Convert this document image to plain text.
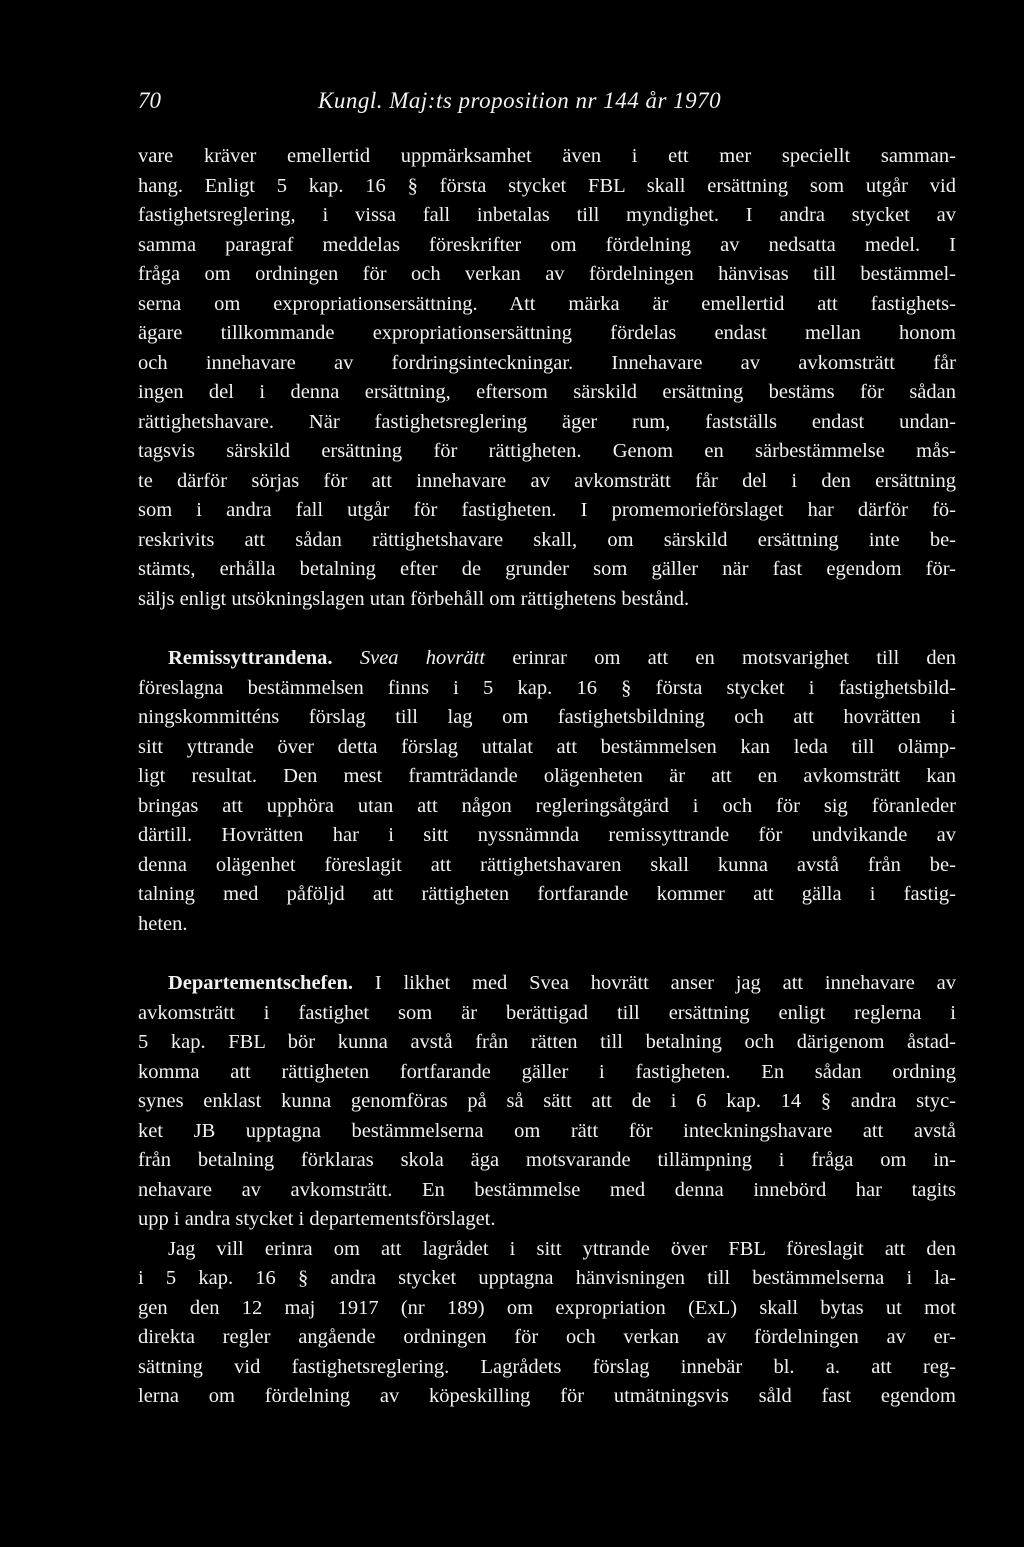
70	Kungl. Maj:ts proposition nr 144 år 1970

vare kräver emellertid uppmärksamhet även i ett mer speciellt samman-
hang. Enligt 5 kap. 16 § första stycket FBL skall ersättning som utgår vid
fastighetsreglering, i vissa fall inbetalas till myndighet. I andra stycket av
samma paragraf meddelas föreskrifter om fördelning av nedsatta medel. I
fråga om ordningen för och verkan av fördelningen hänvisas till bestämmel-
serna om expropriationsersättning. Att märka är emellertid att fastighets-
ägare tillkommande expropriationsersättning fördelas endast mellan honom
och innehavare av fordringsinteckningar. Innehavare av avkomsträtt får
ingen del i denna ersättning, eftersom särskild ersättning bestäms för sådan
rättighetshavare. När fastighetsreglering äger rum, fastställs endast undan-
tagsvis särskild ersättning för rättigheten. Genom en särbestämmelse mås-
te därför sörjas för att innehavare av avkomsträtt får del i den ersättning
som i andra fall utgår för fastigheten. I promemorieförslaget har därför fö-
reskrivits att sådan rättighetshavare skall, om särskild ersättning inte be-
stämts, erhålla betalning efter de grunder som gäller när fast egendom för-
säljs enligt utsökningslagen utan förbehåll om rättighetens bestånd.

Remissyttrandena. Svea hovrätt erinrar om att en motsvarighet till den
föreslagna bestämmelsen finns i 5 kap. 16 § första stycket i fastighetsbild-
ningskommitténs förslag till lag om fastighetsbildning och att hovrätten i
sitt yttrande över detta förslag uttalat att bestämmelsen kan leda till olämp-
ligt resultat. Den mest framträdande olägenheten är att en avkomsträtt kan
bringas att upphöra utan att någon regleringsåtgärd i och för sig föranleder
därtill. Hovrätten har i sitt nyssnämnda remissyttrande för undvikande av
denna olägenhet föreslagit att rättighetshavaren skall kunna avstå från be-
talning med påföljd att rättigheten fortfarande kommer att gälla i fastig-
heten.

Departementschefen. I likhet med Svea hovrätt anser jag att innehavare av
avkomsträtt i fastighet som är berättigad till ersättning enligt reglerna i
5 kap. FBL bör kunna avstå från rätten till betalning och därigenom åstad-
komma att rättigheten fortfarande gäller i fastigheten. En sådan ordning
synes enklast kunna genomföras på så sätt att de i 6 kap. 14 § andra styc-
ket JB upptagna bestämmelserna om rätt för inteckningshavare att avstå
från betalning förklaras skola äga motsvarande tillämpning i fråga om in-
nehavare av avkomsträtt. En bestämmelse med denna innebörd har tagits
upp i andra stycket i departementsförslaget.

Jag vill erinra om att lagrådet i sitt yttrande över FBL föreslagit att den
i 5 kap. 16 § andra stycket upptagna hänvisningen till bestämmelserna i la-
gen den 12 maj 1917 (nr 189) om expropriation (ExL) skall bytas ut mot
direkta regler angående ordningen för och verkan av fördelningen av er-
sättning vid fastighetsreglering. Lagrådets förslag innebär bl. a. att reg-
lerna om fördelning av köpeskilling för utmätningsvis såld fast egendom
